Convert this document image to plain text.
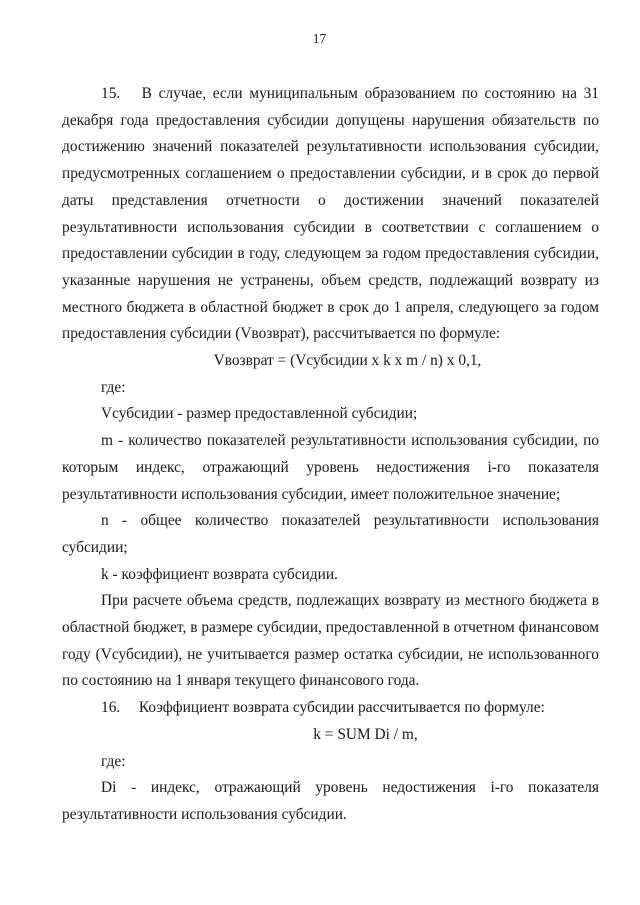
17

15. В случае, если муниципальным образованием по состоянию на 31 декабря года предоставления субсидии допущены нарушения обязательств по достижению значений показателей результативности использования субсидии, предусмотренных соглашением о предоставлении субсидии, и в срок до первой даты представления отчетности о достижении значений показателей результативности использования субсидии в соответствии с соглашением о предоставлении субсидии в году, следующем за годом предоставления субсидии, указанные нарушения не устранены, объем средств, подлежащий возврату из местного бюджета в областной бюджет в срок до 1 апреля, следующего за годом предоставления субсидии (Vвозврат), рассчитывается по формуле:

Vвозврат = (Vсубсидии x k x m / n) x 0,1,

где:

Vсубсидии - размер предоставленной субсидии;

m - количество показателей результативности использования субсидии, по которым индекс, отражающий уровень недостижения i-го показателя результативности использования субсидии, имеет положительное значение;

n - общее количество показателей результативности использования субсидии;

k - коэффициент возврата субсидии.

При расчете объема средств, подлежащих возврату из местного бюджета в областной бюджет, в размере субсидии, предоставленной в отчетном финансовом году (Vсубсидии), не учитывается размер остатка субсидии, не использованного по состоянию на 1 января текущего финансового года.

16. Коэффициент возврата субсидии рассчитывается по формуле:

k = SUM Di / m,

где:

Di - индекс, отражающий уровень недостижения i-го показателя результативности использования субсидии.
